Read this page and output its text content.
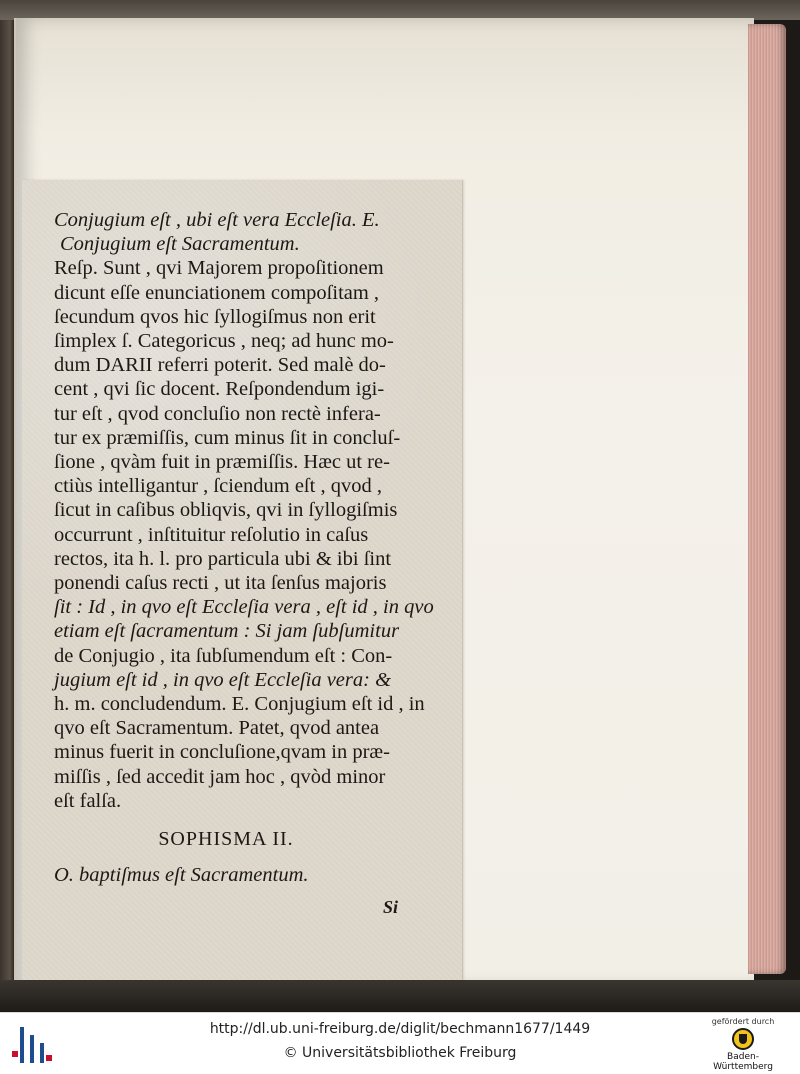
Conjugium eſt , ubi eſt vera Eccleſia. E.
Conjugium eſt Sacramentum.
Reſp. Sunt , qvi Majorem propoſitionem
dicunt eſſe enunciationem compoſitam ,
ſecundum qvos hic ſyllogiſmus non erit
ſimplex ſ. Categoricus , neq; ad hunc mo-
dum DARII referri poterit. Sed malè do-
cent , qvi ſic docent. Reſpondendum igi-
tur eſt , qvod concluſio non rectè infera-
tur ex præmiſſis, cum minus ſit in concluſ-
ſione , qvàm fuit in præmiſſis. Hæc ut re-
ctiùs intelligantur , ſciendum eſt , qvod ,
ſicut in caſibus obliqvis, qvi in ſyllogiſmis
occurrunt , inſtituitur reſolutio in caſus
rectos, ita h. l. pro particula ubi & ibi ſint
ponendi caſus recti , ut ita ſenſus majoris
ſit : Id , in qvo eſt Eccleſia vera , eſt id , in qvo
etiam eſt ſacramentum : Si jam ſubſumitur
de Conjugio , ita ſubſumendum eſt : Con-
jugium eſt id , in qvo eſt Eccleſia vera: &
h. m. concludendum. E. Conjugium eſt id , in
qvo eſt Sacramentum. Patet, qvod antea
minus fuerit in concluſione,qvam in præ-
miſſis , ſed accedit jam hoc , qvòd minor
eſt falſa.
SOPHISMA II.
O. baptiſmus eſt Sacramentum.
Si
http://dl.ub.uni-freiburg.de/diglit/bechmann1677/1449
© Universitätsbibliothek Freiburg
gefördert durch
Baden-Württemberg
